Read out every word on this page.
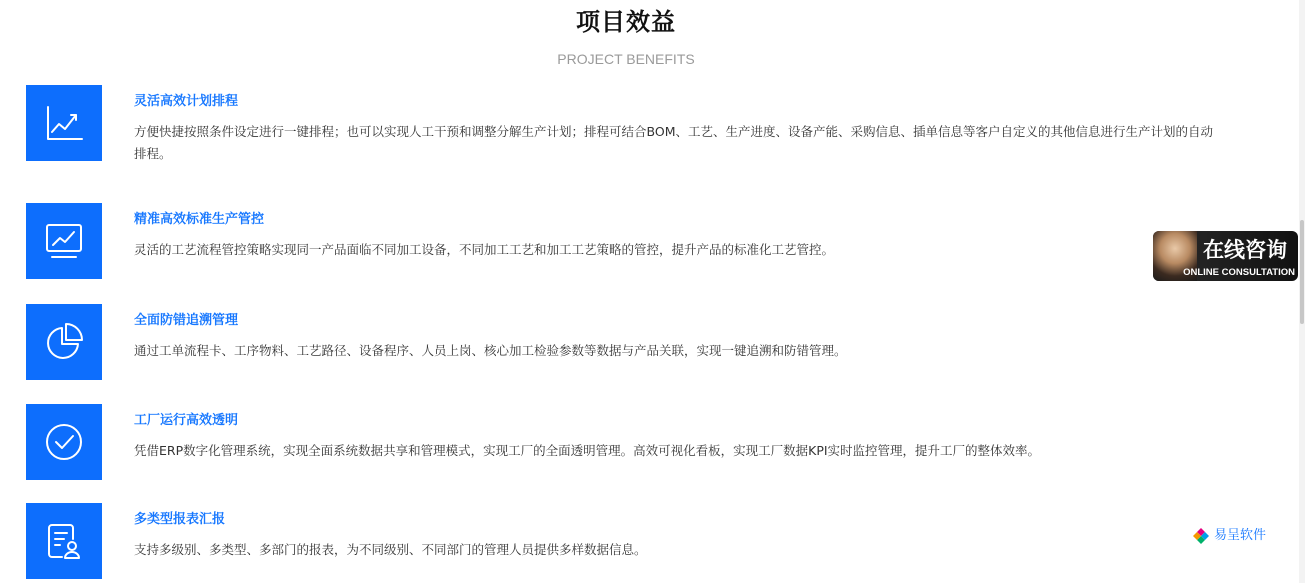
项目效益
PROJECT BENEFITS
灵活高效计划排程
方便快捷按照条件设定进行一键排程；也可以实现人工干预和调整分解生产计划；排程可结合BOM、工艺、生产进度、设备产能、采购信息、插单信息等客户自定义的其他信息进行生产计划的自动排程。
精准高效标准生产管控
灵活的工艺流程管控策略实现同一产品面临不同加工设备，不同加工工艺和加工工艺策略的管控，提升产品的标准化工艺管控。
全面防错追溯管理
通过工单流程卡、工序物料、工艺路径、设备程序、人员上岗、核心加工检验参数等数据与产品关联，实现一键追溯和防错管理。
工厂运行高效透明
凭借ERP数字化管理系统，实现全面系统数据共享和管理模式，实现工厂的全面透明管理。高效可视化看板，实现工厂数据KPI实时监控管理，提升工厂的整体效率。
多类型报表汇报
支持多级别、多类型、多部门的报表，为不同级别、不同部门的管理人员提供多样数据信息。
在线咨询
ONLINE CONSULTATION
易呈软件
